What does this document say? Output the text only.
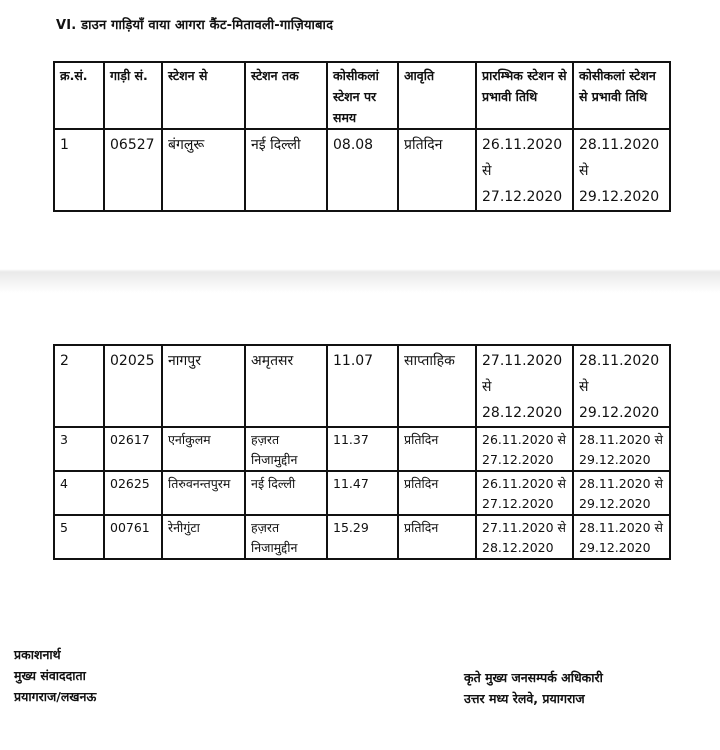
VI. डाउन गाड़ियाँ वाया आगरा कैंट-मितावली-गाज़ियाबाद
क्र.सं.	गाड़ी सं.	स्टेशन से	स्टेशन तक	कोसीकलां स्टेशन पर समय	आवृति	प्रारम्भिक स्टेशन से प्रभावी तिथि	कोसीकलां स्टेशन से प्रभावी तिथि
1	06527	बंगलुरू	नई दिल्ली	08.08	प्रतिदिन	26.11.2020 से 27.12.2020	28.11.2020 से 29.12.2020
2	02025	नागपुर	अमृतसर	11.07	साप्ताहिक	27.11.2020 से 28.12.2020	28.11.2020 से 29.12.2020
3	02617	एर्नाकुलम	हज़रत निजामुद्दीन	11.37	प्रतिदिन	26.11.2020 से 27.12.2020	28.11.2020 से 29.12.2020
4	02625	तिरुवनन्तपुरम	नई दिल्ली	11.47	प्रतिदिन	26.11.2020 से 27.12.2020	28.11.2020 से 29.12.2020
5	00761	रेनीगुंटा	हज़रत निजामुद्दीन	15.29	प्रतिदिन	27.11.2020 से 28.12.2020	28.11.2020 से 29.12.2020
प्रकाशनार्थ
मुख्य संवाददाता
प्रयागराज/लखनऊ
कृते मुख्य जनसम्पर्क अधिकारी
उत्तर मध्य रेलवे, प्रयागराज
